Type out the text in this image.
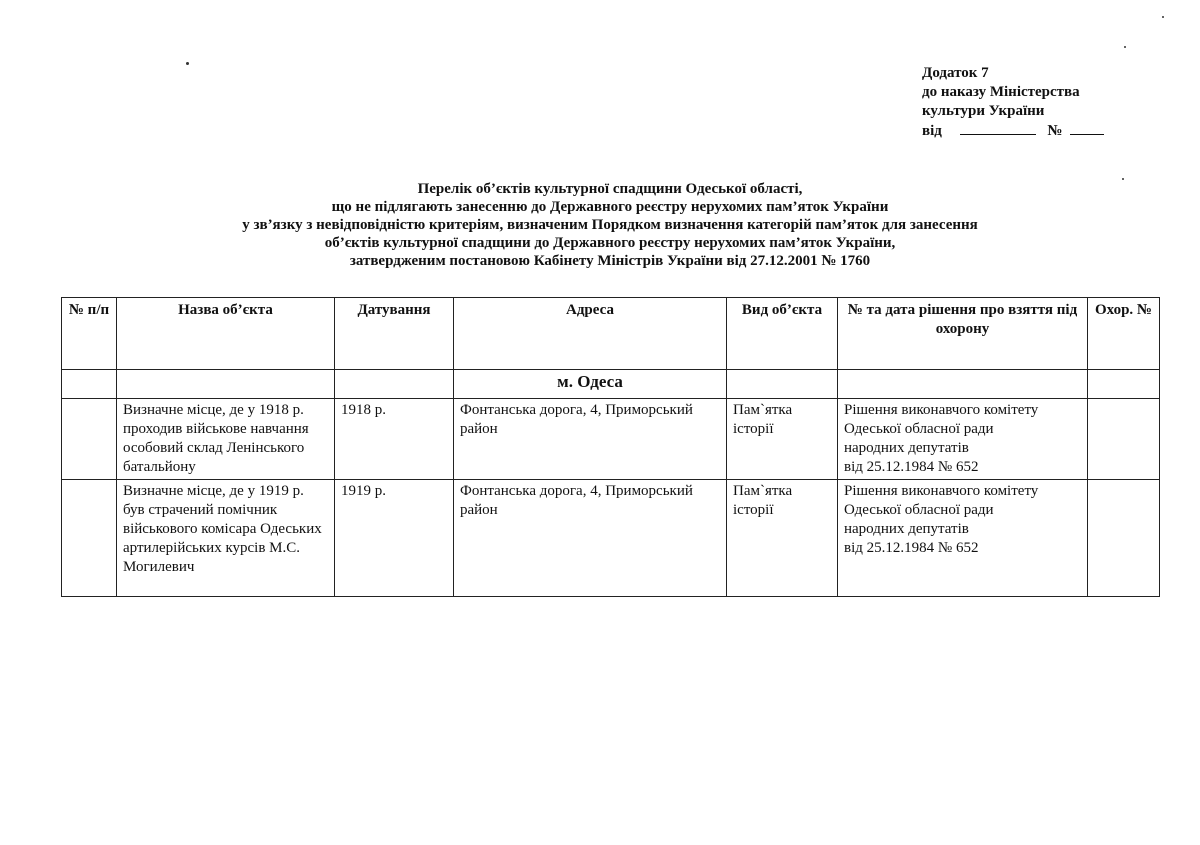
Додаток 7
до наказу Міністерства
культури України
від	№
Перелік об’єктів культурної спадщини Одеської області,
що не підлягають занесенню до Державного реєстру нерухомих пам’яток України
у зв’язку з невідповідністю критеріям, визначеним Порядком визначення категорій пам’яток для занесення
об’єктів культурної спадщини до Державного реєстру нерухомих пам’яток України,
затвердженим постановою Кабінету Міністрів України від 27.12.2001 № 1760
№ п/п	Назва об’єкта	Датування	Адреса	Вид об’єкта	№ та дата рішення про взяття під охорону	Охор. №
			м. Одеса			
	Визначне місце, де у 1918 р. проходив військове навчання особовий склад Ленінського батальйону	1918 р.	Фонтанська дорога, 4, Приморський район	Пам`ятка історії	Рішення виконавчого комітету
Одеської обласної ради
народних депутатів
від 25.12.1984 № 652	

	Визначне місце, де у 1919 р. був страчений помічник військового комісара Одеських артилерійських курсів М.С. Могилевич	1919 р.	Фонтанська дорога, 4, Приморський район	Пам`ятка історії	Рішення виконавчого комітету
Одеської обласної ради
народних депутатів
від 25.12.1984 № 652	
